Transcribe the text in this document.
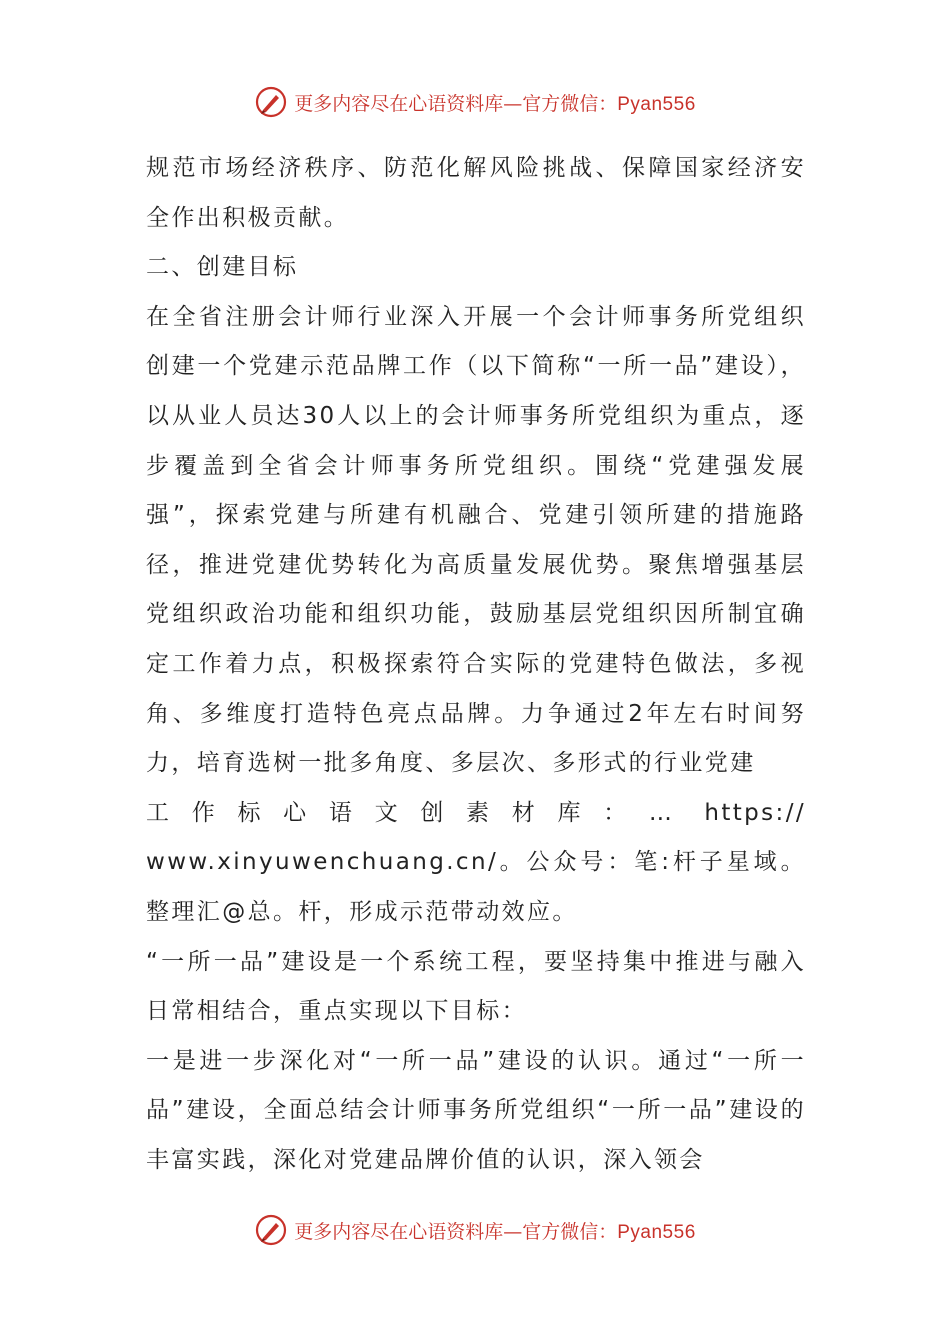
更多内容尽在心语资料库—官方微信：Pyan556

规范市场经济秩序、防范化解风险挑战、保障国家经济安全作出积极贡献。

二、创建目标

在全省注册会计师行业深入开展一个会计师事务所党组织创建一个党建示范品牌工作（以下简称“一所一品”建设），以从业人员达30人以上的会计师事务所党组织为重点，逐步覆盖到全省会计师事务所党组织。围绕“党建强发展强”，探索党建与所建有机融合、党建引领所建的措施路径，推进党建优势转化为高质量发展优势。聚焦增强基层党组织政治功能和组织功能，鼓励基层党组织因所制宜确定工作着力点，积极探索符合实际的党建特色做法，多视角、多维度打造特色亮点品牌。力争通过2年左右时间努力，培育选树一批多角度、多层次、多形式的行业党建

工作标心语文创素材库：… https://

www.xinyuwenchuang.cn/。公众号：笔:杆子星域。整理汇@总。杆，形成示范带动效应。

“一所一品”建设是一个系统工程，要坚持集中推进与融入日常相结合，重点实现以下目标：

一是进一步深化对“一所一品”建设的认识。通过“一所一品”建设，全面总结会计师事务所党组织“一所一品”建设的丰富实践，深化对党建品牌价值的认识，深入领会

更多内容尽在心语资料库—官方微信：Pyan556
